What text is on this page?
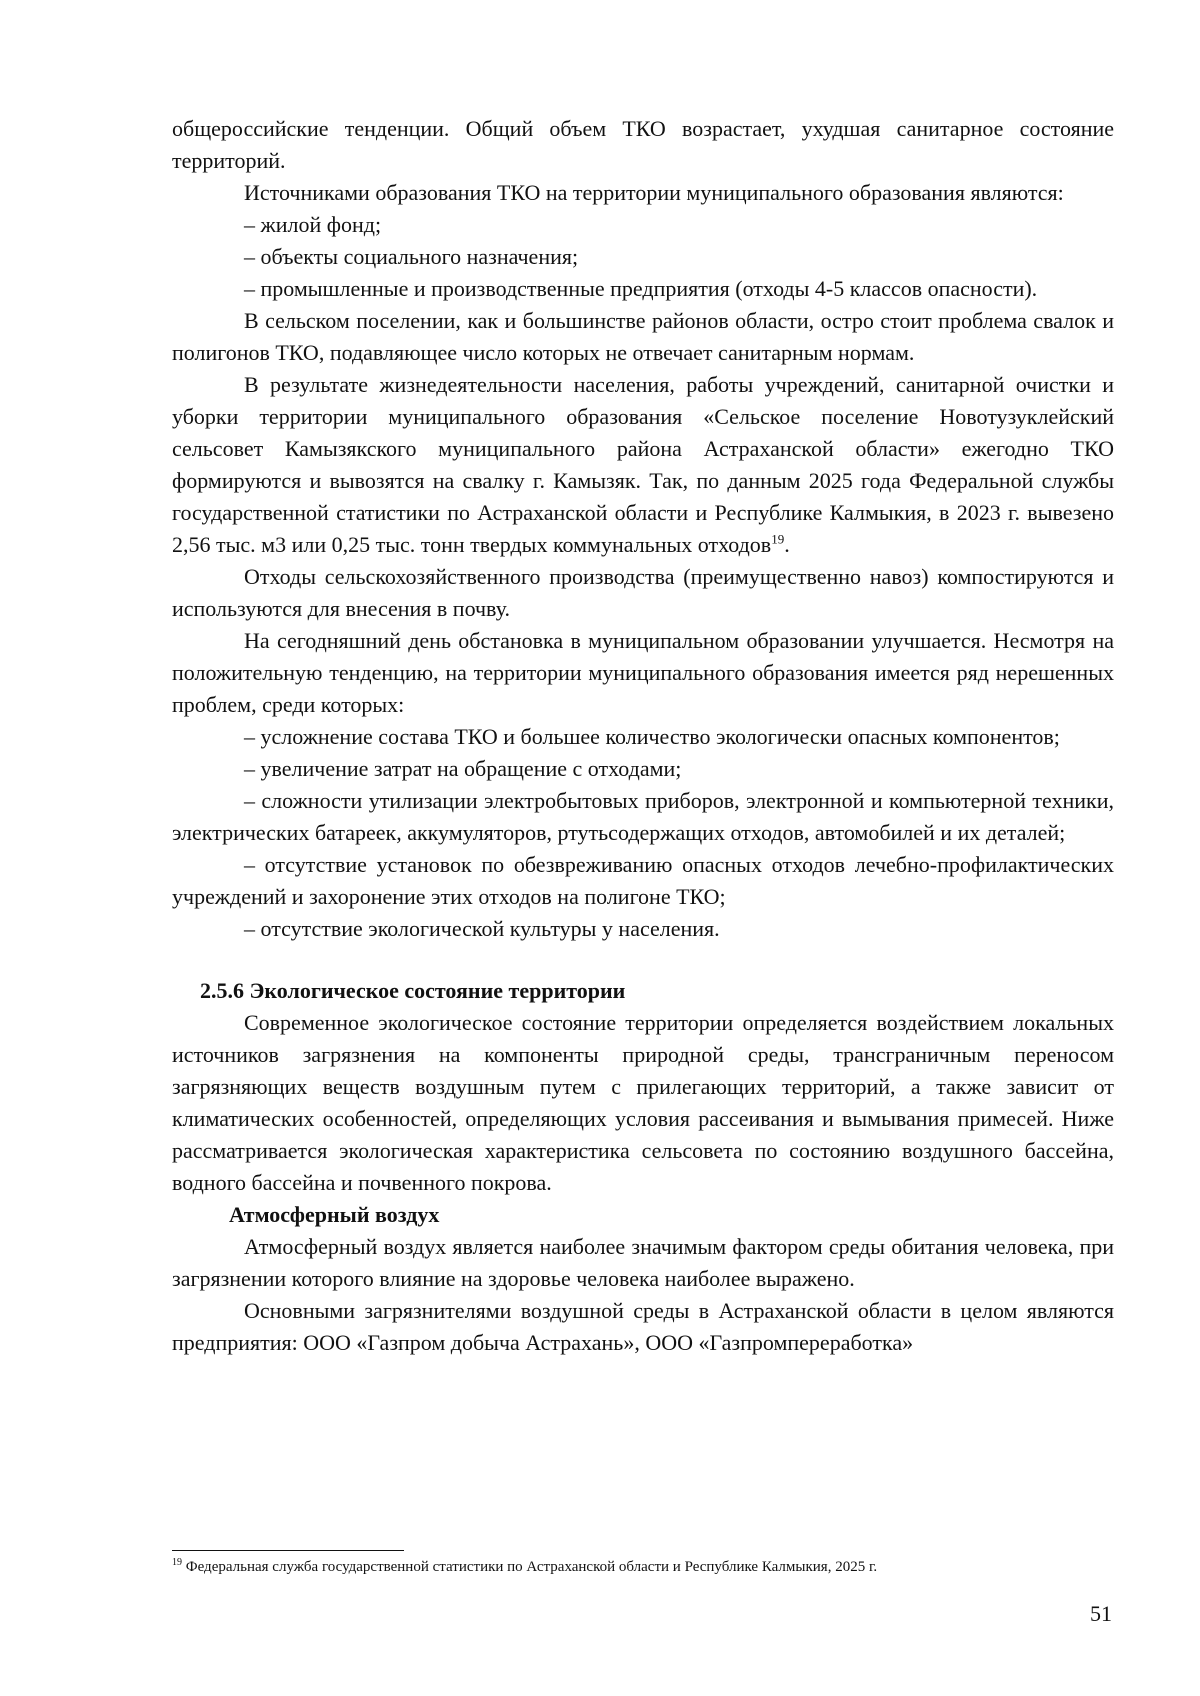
общероссийские тенденции. Общий объем ТКО возрастает, ухудшая санитарное состояние территорий.

Источниками образования ТКО на территории муниципального образования являются:

– жилой фонд;

– объекты социального назначения;

– промышленные и производственные предприятия (отходы 4-5 классов опасности).

В сельском поселении, как и большинстве районов области, остро стоит проблема свалок и полигонов ТКО, подавляющее число которых не отвечает санитарным нормам.

В результате жизнедеятельности населения, работы учреждений, санитарной очистки и уборки территории муниципального образования «Сельское поселение Новотузуклейский сельсовет Камызякского муниципального района Астраханской области» ежегодно ТКО формируются и вывозятся на свалку г. Камызяк. Так, по данным 2025 года Федеральной службы государственной статистики по Астраханской области и Республике Калмыкия, в 2023 г. вывезено 2,56 тыс. м3 или 0,25 тыс. тонн твердых коммунальных отходов$^{19}$.

Отходы сельскохозяйственного производства (преимущественно навоз) компостируются и используются для внесения в почву.

На сегодняшний день обстановка в муниципальном образовании улучшается. Несмотря на положительную тенденцию, на территории муниципального образования имеется ряд нерешенных проблем, среди которых:

– усложнение состава ТКО и большее количество экологически опасных компонентов;

– увеличение затрат на обращение с отходами;

– сложности утилизации электробытовых приборов, электронной и компьютерной техники, электрических батареек, аккумуляторов, ртутьсодержащих отходов, автомобилей и их деталей;

– отсутствие установок по обезвреживанию опасных отходов лечебно-профилактических учреждений и захоронение этих отходов на полигоне ТКО;

– отсутствие экологической культуры у населения.

2.5.6 Экологическое состояние территории

Современное экологическое состояние территории определяется воздействием локальных источников загрязнения на компоненты природной среды, трансграничным переносом загрязняющих веществ воздушным путем с прилегающих территорий, а также зависит от климатических особенностей, определяющих условия рассеивания и вымывания примесей. Ниже рассматривается экологическая характеристика сельсовета по состоянию воздушного бассейна, водного бассейна и почвенного покрова.

Атмосферный воздух

Атмосферный воздух является наиболее значимым фактором среды обитания человека, при загрязнении которого влияние на здоровье человека наиболее выражено.

Основными загрязнителями воздушной среды в Астраханской области в целом являются предприятия: ООО «Газпром добыча Астрахань», ООО «Газпромпереработка»

$^{19}$ Федеральная служба государственной статистики по Астраханской области и Республике Калмыкия, 2025 г.
51
